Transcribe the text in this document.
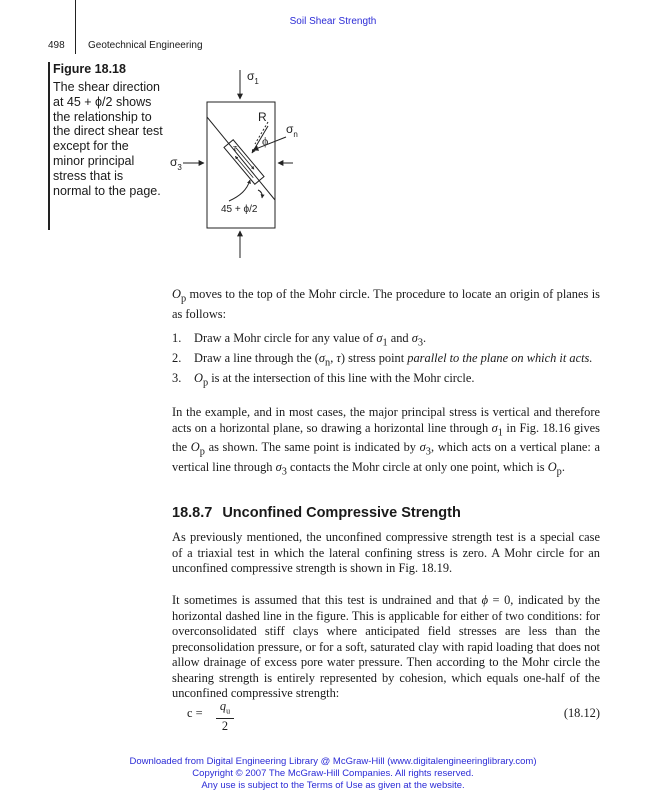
Soil Shear Strength
498 Geotechnical Engineering
Figure 18.18
The shear direction at 45 + ϕ/2 shows the relationship to the direct shear test except for the minor principal stress that is normal to the page.
$\sigma_1$
$\sigma_3$
$\sigma_n$
R
ϕ
τ
45 + ϕ/2
$O_p$ moves to the top of the Mohr circle. The procedure to locate an origin of planes is as follows:
1. Draw a Mohr circle for any value of $\sigma_1$ and $\sigma_3$.
2. Draw a line through the ($\sigma_n$, τ) stress point parallel to the plane on which it acts.
3. $O_p$ is at the intersection of this line with the Mohr circle.
In the example, and in most cases, the major principal stress is vertical and therefore acts on a horizontal plane, so drawing a horizontal line through $\sigma_1$ in Fig. 18.16 gives the $O_p$ as shown. The same point is indicated by $\sigma_3$, which acts on a vertical plane: a vertical line through $\sigma_3$ contacts the Mohr circle at only one point, which is $O_p$.
18.8.7 Unconfined Compressive Strength
As previously mentioned, the unconfined compressive strength test is a special case of a triaxial test in which the lateral confining stress is zero. A Mohr circle for an unconfined compressive strength is shown in Fig. 18.19.
It sometimes is assumed that this test is undrained and that ϕ = 0, indicated by the horizontal dashed line in the figure. This is applicable for either of two conditions: for overconsolidated stiff clays where anticipated field stresses are less than the preconsolidation pressure, or for a soft, saturated clay with rapid loading that does not allow drainage of excess pore water pressure. Then according to the Mohr circle the shearing strength is entirely represented by cohesion, which equals one-half of the unconfined compressive strength:
$c = \frac{q_u}{2}$	(18.12)
Downloaded from Digital Engineering Library @ McGraw-Hill (www.digitalengineeringlibrary.com)
Copyright © 2007 The McGraw-Hill Companies. All rights reserved.
Any use is subject to the Terms of Use as given at the website.
